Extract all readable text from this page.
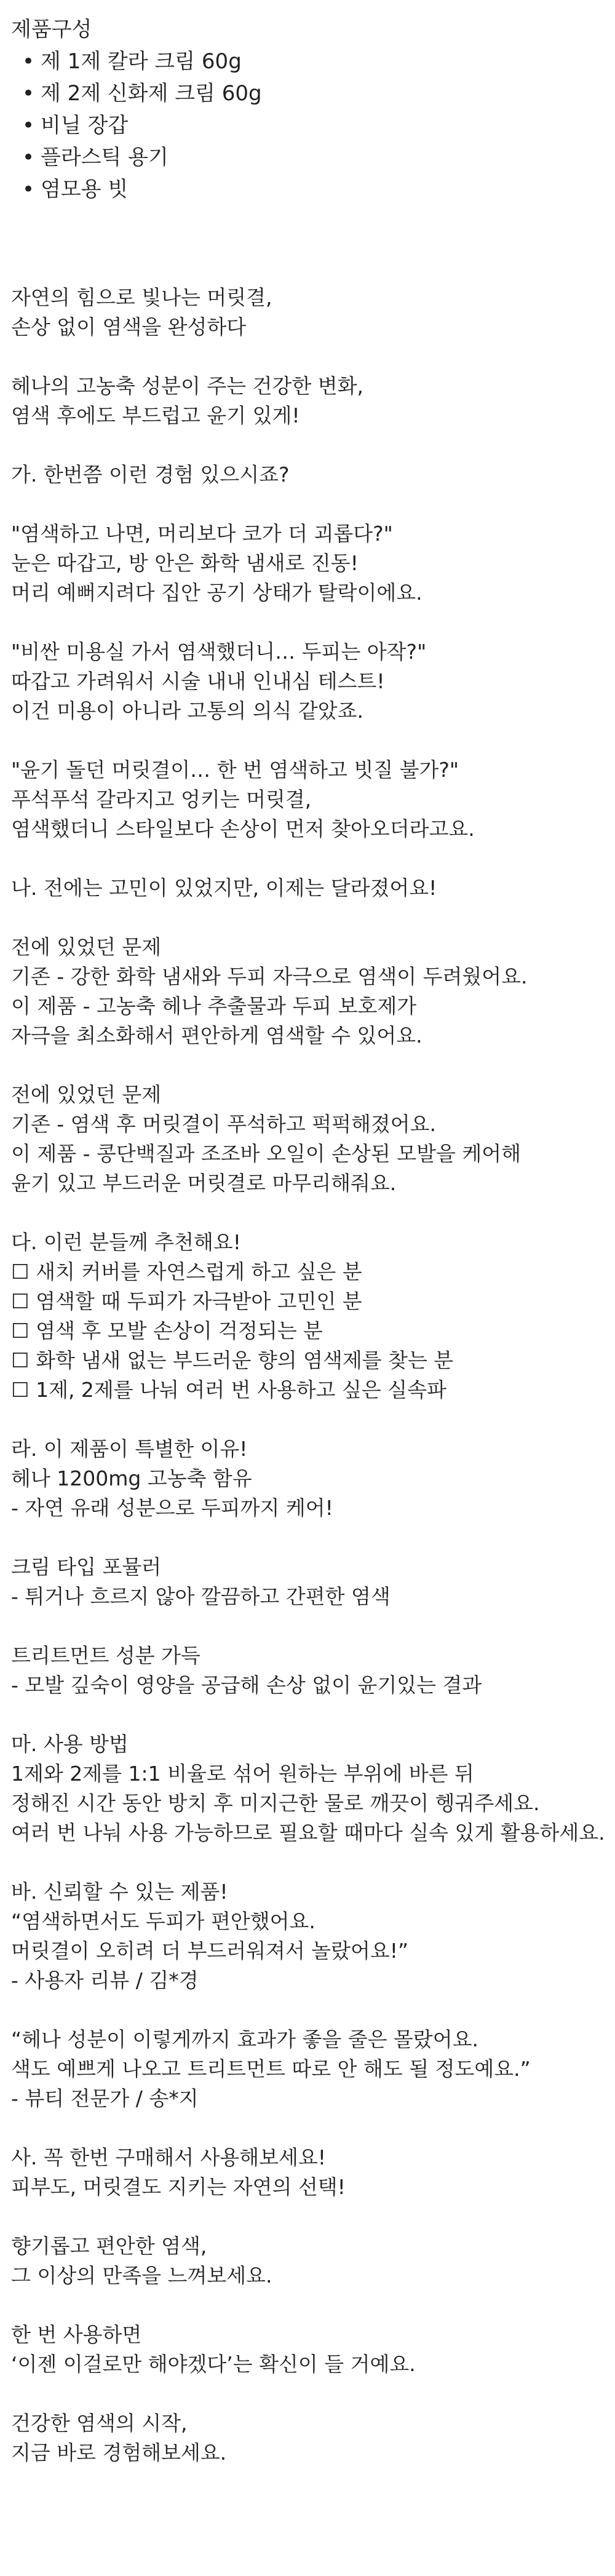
제품구성
• 제 1제 칼라 크림 60g
• 제 2제 신화제 크림 60g
• 비닐 장갑
• 플라스틱 용기
• 염모용 빗

자연의 힘으로 빛나는 머릿결,
손상 없이 염색을 완성하다

헤나의 고농축 성분이 주는 건강한 변화,
염색 후에도 부드럽고 윤기 있게!

가. 한번쯤 이런 경험 있으시죠?

"염색하고 나면, 머리보다 코가 더 괴롭다?"
눈은 따갑고, 방 안은 화학 냄새로 진동!
머리 예뻐지려다 집안 공기 상태가 탈락이에요.

"비싼 미용실 가서 염색했더니… 두피는 아작?"
따갑고 가려워서 시술 내내 인내심 테스트!
이건 미용이 아니라 고통의 의식 같았죠.

"윤기 돌던 머릿결이… 한 번 염색하고 빗질 불가?"
푸석푸석 갈라지고 엉키는 머릿결,
염색했더니 스타일보다 손상이 먼저 찾아오더라고요.

나. 전에는 고민이 있었지만, 이제는 달라졌어요!

전에 있었던 문제
기존 - 강한 화학 냄새와 두피 자극으로 염색이 두려웠어요.
이 제품 - 고농축 헤나 추출물과 두피 보호제가
자극을 최소화해서 편안하게 염색할 수 있어요.

전에 있었던 문제
기존 - 염색 후 머릿결이 푸석하고 퍽퍽해졌어요.
이 제품 - 콩단백질과 조조바 오일이 손상된 모발을 케어해
윤기 있고 부드러운 머릿결로 마무리해줘요.

다. 이런 분들께 추천해요!
☐ 새치 커버를 자연스럽게 하고 싶은 분
☐ 염색할 때 두피가 자극받아 고민인 분
☐ 염색 후 모발 손상이 걱정되는 분
☐ 화학 냄새 없는 부드러운 향의 염색제를 찾는 분
☐ 1제, 2제를 나눠 여러 번 사용하고 싶은 실속파

라. 이 제품이 특별한 이유!
헤나 1200mg 고농축 함유
- 자연 유래 성분으로 두피까지 케어!

크림 타입 포뮬러
- 튀거나 흐르지 않아 깔끔하고 간편한 염색

트리트먼트 성분 가득
- 모발 깊숙이 영양을 공급해 손상 없이 윤기있는 결과

마. 사용 방법
1제와 2제를 1:1 비율로 섞어 원하는 부위에 바른 뒤
정해진 시간 동안 방치 후 미지근한 물로 깨끗이 헹궈주세요.
여러 번 나눠 사용 가능하므로 필요할 때마다 실속 있게 활용하세요.

바. 신뢰할 수 있는 제품!
“염색하면서도 두피가 편안했어요.
머릿결이 오히려 더 부드러워져서 놀랐어요!”
- 사용자 리뷰 / 김*경

“헤나 성분이 이렇게까지 효과가 좋을 줄은 몰랐어요.
색도 예쁘게 나오고 트리트먼트 따로 안 해도 될 정도예요.”
- 뷰티 전문가 / 송*지

사. 꼭 한번 구매해서 사용해보세요!
피부도, 머릿결도 지키는 자연의 선택!

향기롭고 편안한 염색,
그 이상의 만족을 느껴보세요.

한 번 사용하면
‘이젠 이걸로만 해야겠다’는 확신이 들 거예요.

건강한 염색의 시작,
지금 바로 경험해보세요.
